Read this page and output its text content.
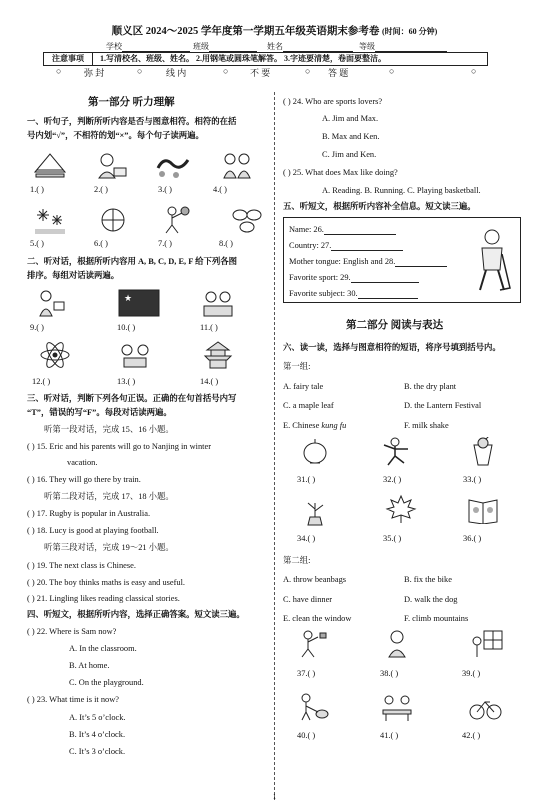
顺义区 2024～2025 学年度第一学期五年级英语期末参考卷 (时间：60 分钟)
学校	班级	姓名	等级
注意事项	1.写清校名、班级、姓名。 2.用钢笔或圆珠笔解答。 3.字迹要清楚，卷面要整洁。
○	弥 封	○	线 内	○ 不 要	○ 答 题	○	○
第一部分 听力理解
一、听句子，判断所听内容是否与图意相符。相符的在括
号内划“√”，不相符的划“×”。每个句子读两遍。
1.( )	2.( )	3.( )	4.( )
5.( )	6.( )	7.( )	8.( )
二、听对话，根据所听内容用 A, B, C, D, E, F 给下列各图
排序。每组对话读两遍。
★
9.( )	10.( )	11.( )
12.( )	13.( )	14.( )
三、听对话，判断下列各句正误。正确的在句首括号内写
“T”，错误的写“F”。每段对话读两遍。
听第一段对话，完成 15、16 小题。
( ) 15. Eric and his parents will go to Nanjing in winter
vacation.
( ) 16. They will go there by train.
听第二段对话，完成 17、18 小题。
( ) 17. Rugby is popular in Australia.
( ) 18. Lucy is good at playing football.
听第三段对话，完成 19～21 小题。
( ) 19. The next class is Chinese.
( ) 20. The boy thinks maths is easy and useful.
( ) 21. Lingling likes reading classical stories.
四、听短文，根据所听内容，选择正确答案。短文读三遍。
( ) 22. Where is Sam now?
A. In the classroom.
B. At home.
C. On the playground.
( ) 23. What time is it now?
A. It’s 5 o’clock.
B. It’s 4 o’clock.
C. It’s 3 o’clock.
( ) 24. Who are sports lovers?
A. Jim and Max.
B. Max and Ken.
C. Jim and Ken.
( ) 25. What does Max like doing?
A. Reading. B. Running. C. Playing basketball.
五、听短文，根据所听内容补全信息。短文读三遍。
Name: 26.
Country: 27.
Mother tongue: English and 28.
Favorite sport: 29.
Favorite subject: 30.
第二部分 阅读与表达
六、读一读，选择与图意相符的短语，将序号填到括号内。
第一组:
A. fairy tale	B. the dry plant
C. a maple leaf	D. the Lantern Festival
E. Chinese kung fu	F. milk shake
31.( )	32.( )	33.( )
34.( )	35.( )	36.( )
第二组:
A. throw beanbags	B. fix the bike
C. have dinner	D. walk the dog
E. clean the window	F. climb mountains
37.( )	38.( )	39.( )
40.( )	41.( )	42.( )
1
